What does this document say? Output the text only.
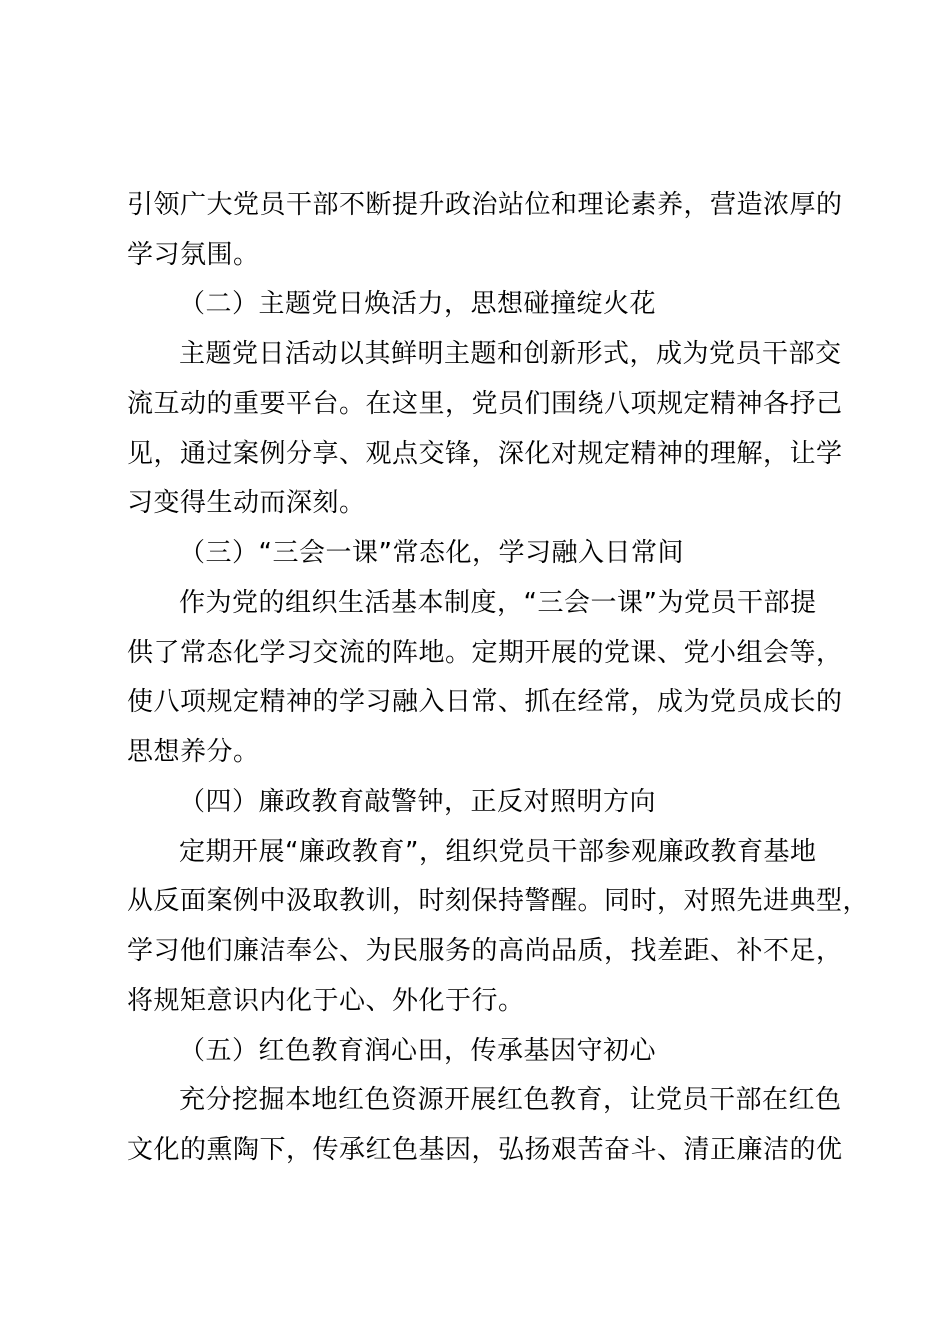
引领广大党员干部不断提升政治站位和理论素养，营造浓厚的
学习氛围。
（二）主题党日焕活力，思想碰撞绽火花
主题党日活动以其鲜明主题和创新形式，成为党员干部交
流互动的重要平台。在这里，党员们围绕八项规定精神各抒己
见，通过案例分享、观点交锋，深化对规定精神的理解，让学
习变得生动而深刻。
（三）“三会一课”常态化，学习融入日常间
作为党的组织生活基本制度，“三会一课”为党员干部提
供了常态化学习交流的阵地。定期开展的党课、党小组会等，
使八项规定精神的学习融入日常、抓在经常，成为党员成长的
思想养分。
（四）廉政教育敲警钟，正反对照明方向
定期开展“廉政教育”，组织党员干部参观廉政教育基地
从反面案例中汲取教训，时刻保持警醒。同时，对照先进典型，
学习他们廉洁奉公、为民服务的高尚品质，找差距、补不足，
将规矩意识内化于心、外化于行。
（五）红色教育润心田，传承基因守初心
充分挖掘本地红色资源开展红色教育，让党员干部在红色
文化的熏陶下，传承红色基因，弘扬艰苦奋斗、清正廉洁的优
